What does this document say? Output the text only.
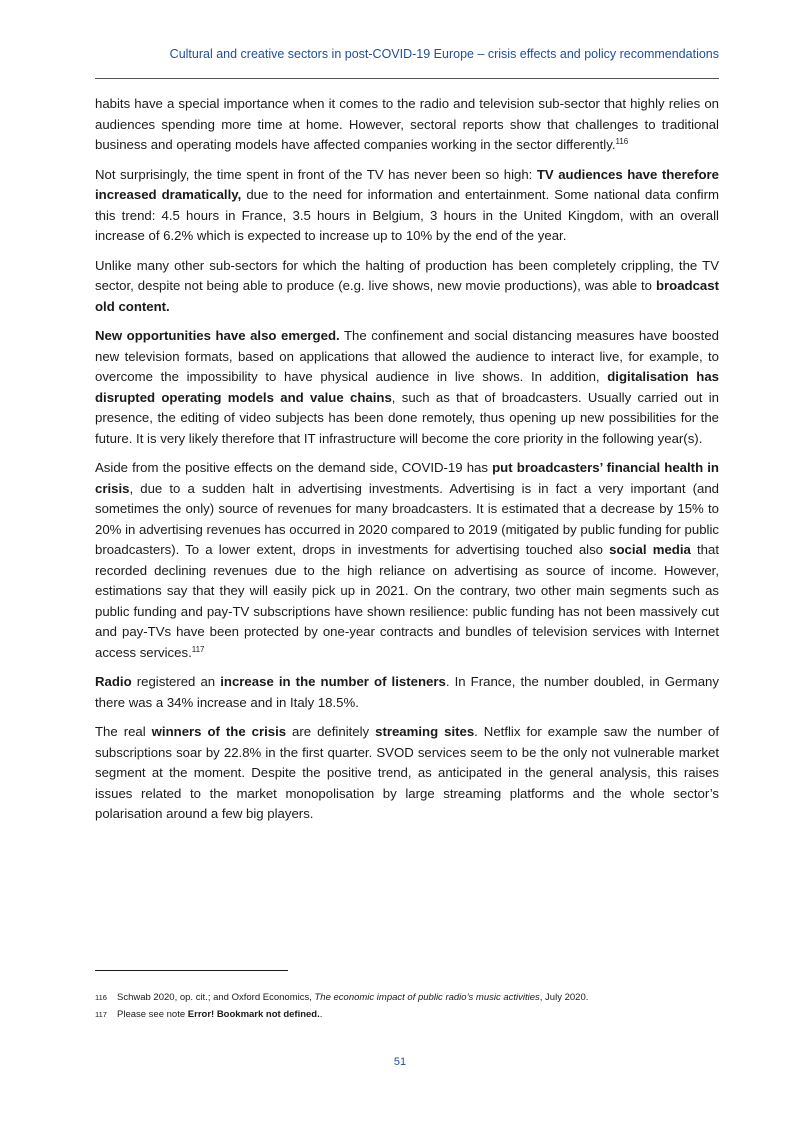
Cultural and creative sectors in post-COVID-19 Europe – crisis effects and policy recommendations

habits have a special importance when it comes to the radio and television sub-sector that highly relies on audiences spending more time at home. However, sectoral reports show that challenges to traditional business and operating models have affected companies working in the sector differently.$^{116}$

Not surprisingly, the time spent in front of the TV has never been so high: TV audiences have therefore increased dramatically, due to the need for information and entertainment. Some national data confirm this trend: 4.5 hours in France, 3.5 hours in Belgium, 3 hours in the United Kingdom, with an overall increase of 6.2% which is expected to increase up to 10% by the end of the year.

Unlike many other sub-sectors for which the halting of production has been completely crippling, the TV sector, despite not being able to produce (e.g. live shows, new movie productions), was able to broadcast old content.

New opportunities have also emerged. The confinement and social distancing measures have boosted new television formats, based on applications that allowed the audience to interact live, for example, to overcome the impossibility to have physical audience in live shows. In addition, digitalisation has disrupted operating models and value chains, such as that of broadcasters. Usually carried out in presence, the editing of video subjects has been done remotely, thus opening up new possibilities for the future. It is very likely therefore that IT infrastructure will become the core priority in the following year(s).

Aside from the positive effects on the demand side, COVID-19 has put broadcasters’ financial health in crisis, due to a sudden halt in advertising investments. Advertising is in fact a very important (and sometimes the only) source of revenues for many broadcasters. It is estimated that a decrease by 15% to 20% in advertising revenues has occurred in 2020 compared to 2019 (mitigated by public funding for public broadcasters). To a lower extent, drops in investments for advertising touched also social media that recorded declining revenues due to the high reliance on advertising as source of income. However, estimations say that they will easily pick up in 2021. On the contrary, two other main segments such as public funding and pay-TV subscriptions have shown resilience: public funding has not been massively cut and pay-TVs have been protected by one-year contracts and bundles of television services with Internet access services.$^{117}$

Radio registered an increase in the number of listeners. In France, the number doubled, in Germany there was a 34% increase and in Italy 18.5%.

The real winners of the crisis are definitely streaming sites. Netflix for example saw the number of subscriptions soar by 22.8% in the first quarter. SVOD services seem to be the only not vulnerable market segment at the moment. Despite the positive trend, as anticipated in the general analysis, this raises issues related to the market monopolisation by large streaming platforms and the whole sector’s polarisation around a few big players.

116	Schwab 2020, op. cit.; and Oxford Economics, The economic impact of public radio’s music activities, July 2020.
117	Please see note Error! Bookmark not defined..
51
